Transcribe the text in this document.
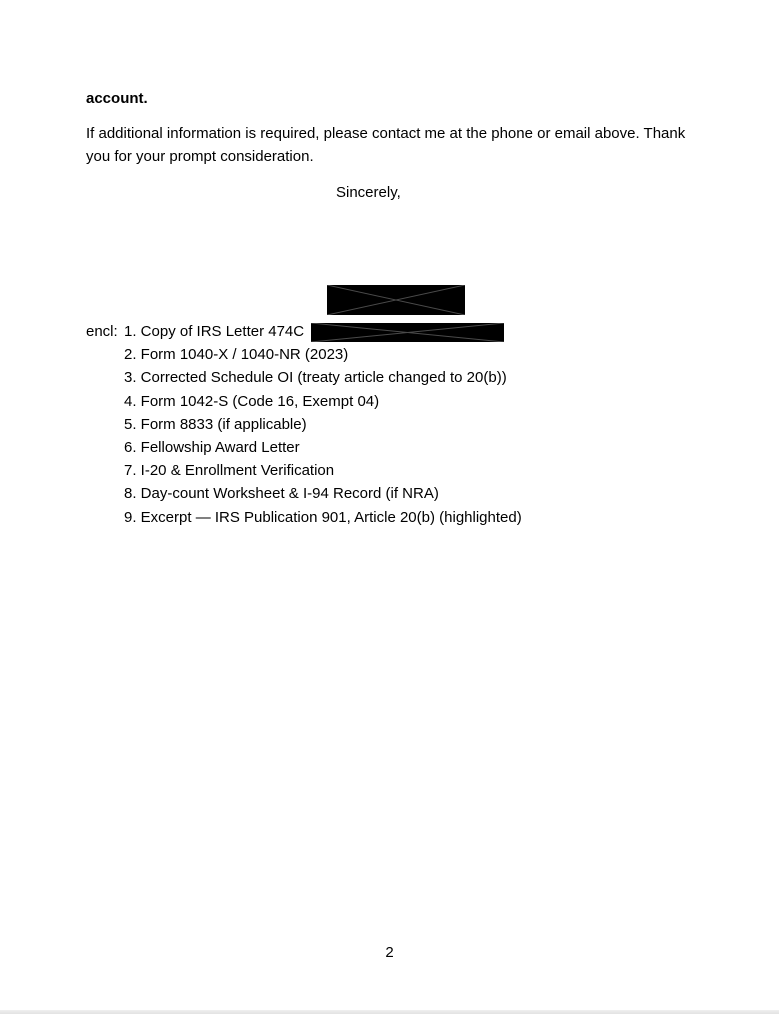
account.
If additional information is required, please contact me at the phone or email above. Thank you for your prompt consideration.
Sincerely,
encl: 1. Copy of IRS Letter 474C
2. Form 1040-X / 1040-NR (2023)
3. Corrected Schedule OI (treaty article changed to 20(b))
4. Form 1042-S (Code 16, Exempt 04)
5. Form 8833 (if applicable)
6. Fellowship Award Letter
7. I-20 & Enrollment Verification
8. Day-count Worksheet & I-94 Record (if NRA)
9. Excerpt — IRS Publication 901, Article 20(b) (highlighted)
2
